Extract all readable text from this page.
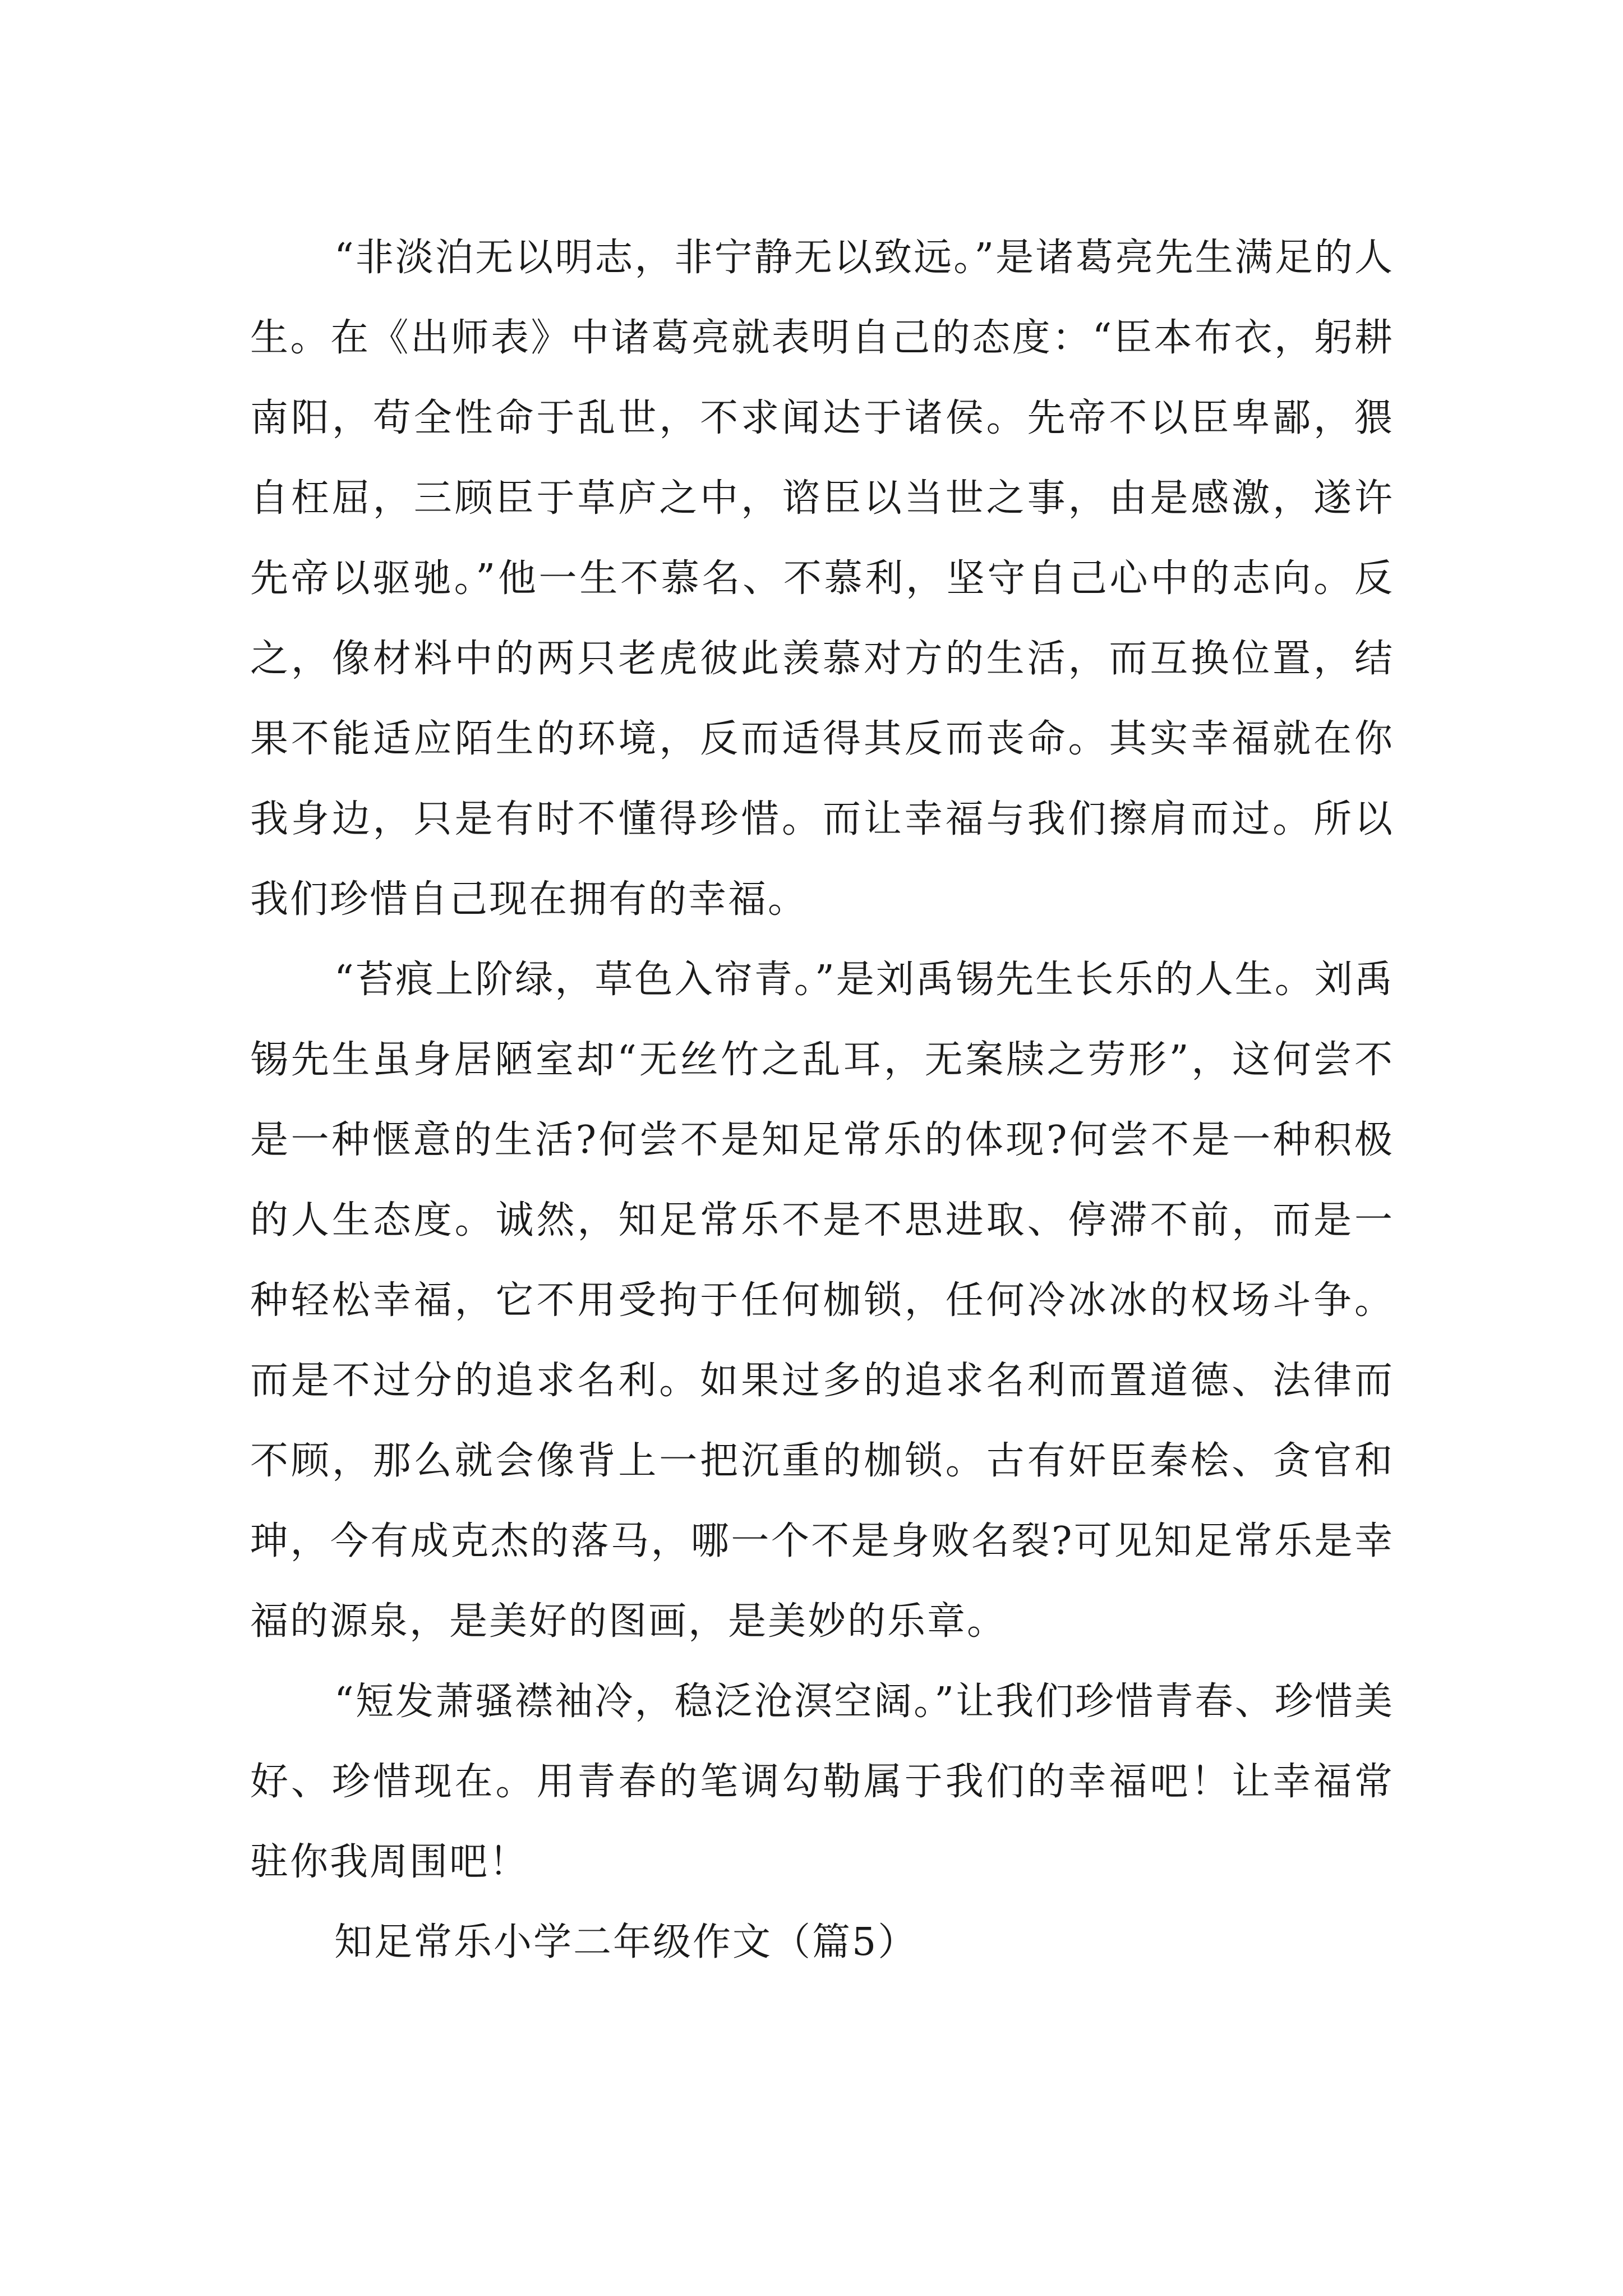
“非淡泊无以明志，非宁静无以致远。”是诸葛亮先生满足的人生。在《出师表》中诸葛亮就表明自己的态度：“臣本布衣，躬耕南阳，苟全性命于乱世，不求闻达于诸侯。先帝不以臣卑鄙，猥自枉屈，三顾臣于草庐之中，谘臣以当世之事，由是感激，遂许先帝以驱驰。”他一生不慕名、不慕利，坚守自己心中的志向。反之，像材料中的两只老虎彼此羡慕对方的生活，而互换位置，结果不能适应陌生的环境，反而适得其反而丧命。其实幸福就在你我身边，只是有时不懂得珍惜。而让幸福与我们擦肩而过。所以我们珍惜自己现在拥有的幸福。

“苔痕上阶绿，草色入帘青。”是刘禹锡先生长乐的人生。刘禹锡先生虽身居陋室却“无丝竹之乱耳，无案牍之劳形”，这何尝不是一种惬意的生活?何尝不是知足常乐的体现?何尝不是一种积极的人生态度。诚然，知足常乐不是不思进取、停滞不前，而是一种轻松幸福，它不用受拘于任何枷锁，任何冷冰冰的权场斗争。而是不过分的追求名利。如果过多的追求名利而置道德、法律而不顾，那么就会像背上一把沉重的枷锁。古有奸臣秦桧、贪官和珅，今有成克杰的落马，哪一个不是身败名裂?可见知足常乐是幸福的源泉，是美好的图画，是美妙的乐章。

“短发萧骚襟袖冷，稳泛沧溟空阔。”让我们珍惜青春、珍惜美好、珍惜现在。用青春的笔调勾勒属于我们的幸福吧！让幸福常驻你我周围吧！

知足常乐小学二年级作文（篇5）
